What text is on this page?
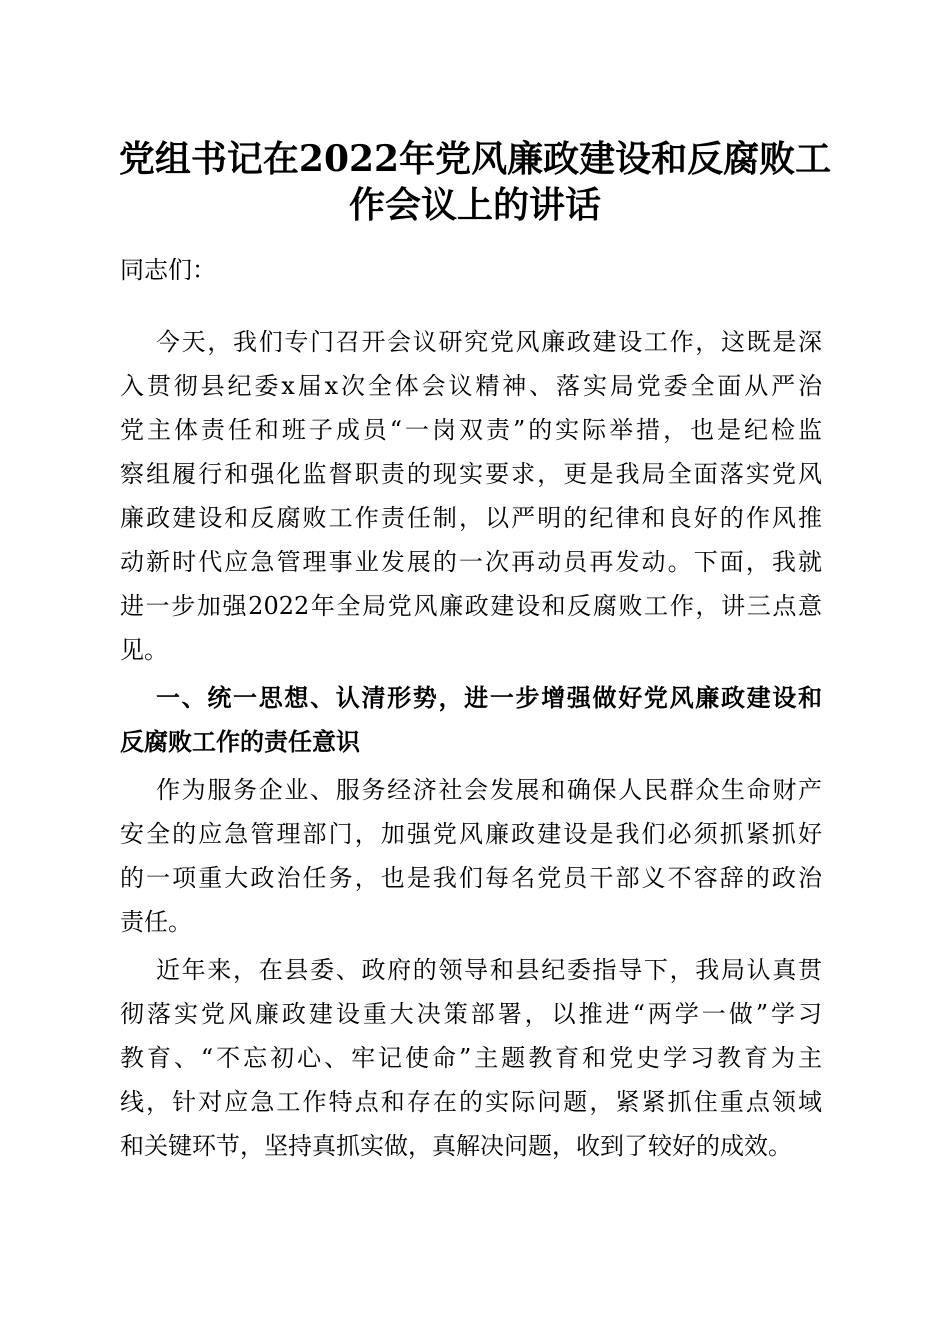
党组书记在2022年党风廉政建设和反腐败工
作会议上的讲话
同志们：
今天，我们专门召开会议研究党风廉政建设工作，这既是深
入贯彻县纪委x届x次全体会议精神、落实局党委全面从严治
党主体责任和班子成员“一岗双责”的实际举措，也是纪检监
察组履行和强化监督职责的现实要求，更是我局全面落实党风
廉政建设和反腐败工作责任制，以严明的纪律和良好的作风推
动新时代应急管理事业发展的一次再动员再发动。下面，我就
进一步加强2022年全局党风廉政建设和反腐败工作，讲三点意
见。
一、统一思想、认清形势，进一步增强做好党风廉政建设和
反腐败工作的责任意识
作为服务企业、服务经济社会发展和确保人民群众生命财产
安全的应急管理部门，加强党风廉政建设是我们必须抓紧抓好
的一项重大政治任务，也是我们每名党员干部义不容辞的政治
责任。
近年来，在县委、政府的领导和县纪委指导下，我局认真贯
彻落实党风廉政建设重大决策部署，以推进“两学一做”学习
教育、“不忘初心、牢记使命”主题教育和党史学习教育为主
线，针对应急工作特点和存在的实际问题，紧紧抓住重点领域
和关键环节，坚持真抓实做，真解决问题，收到了较好的成效。
